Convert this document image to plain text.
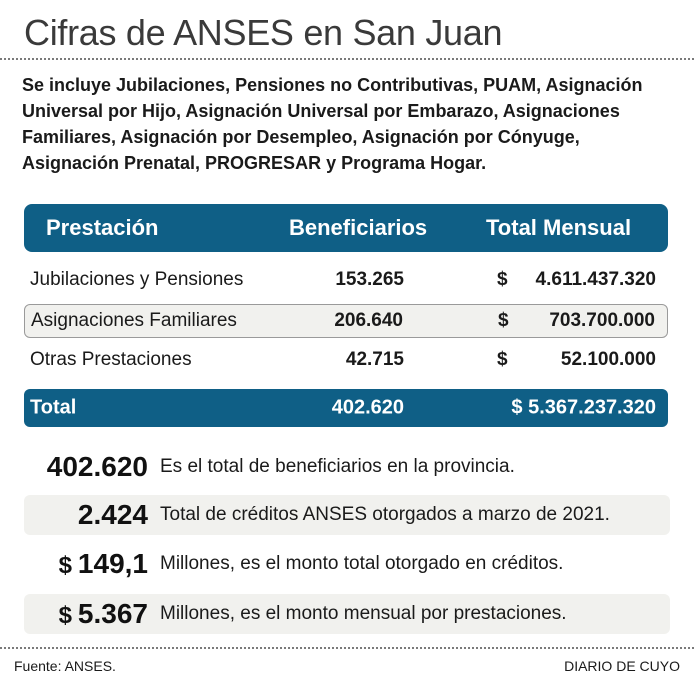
Cifras de ANSES en San Juan
Se incluye Jubilaciones, Pensiones no Contributivas, PUAM, Asignación Universal por Hijo, Asignación Universal por Embarazo, Asignaciones Familiares, Asignación por Desempleo, Asignación por Cónyuge, Asignación Prenatal, PROGRESAR y Programa Hogar.
Prestación	Beneficiarios	Total Mensual
Jubilaciones y Pensiones	153.265	$ 4.611.437.320
Asignaciones Familiares	206.640	$ 703.700.000
Otras Prestaciones	42.715	$	52.100.000
Total	402.620	$ 5.367.237.320
402.620 Es el total de beneficiarios en la provincia.
2.424 Total de créditos ANSES otorgados a marzo de 2021.
$ 149,1 Millones, es el monto total otorgado en créditos.
$ 5.367 Millones, es el monto mensual por prestaciones.
Fuente: ANSES.	DIARIO DE CUYO
